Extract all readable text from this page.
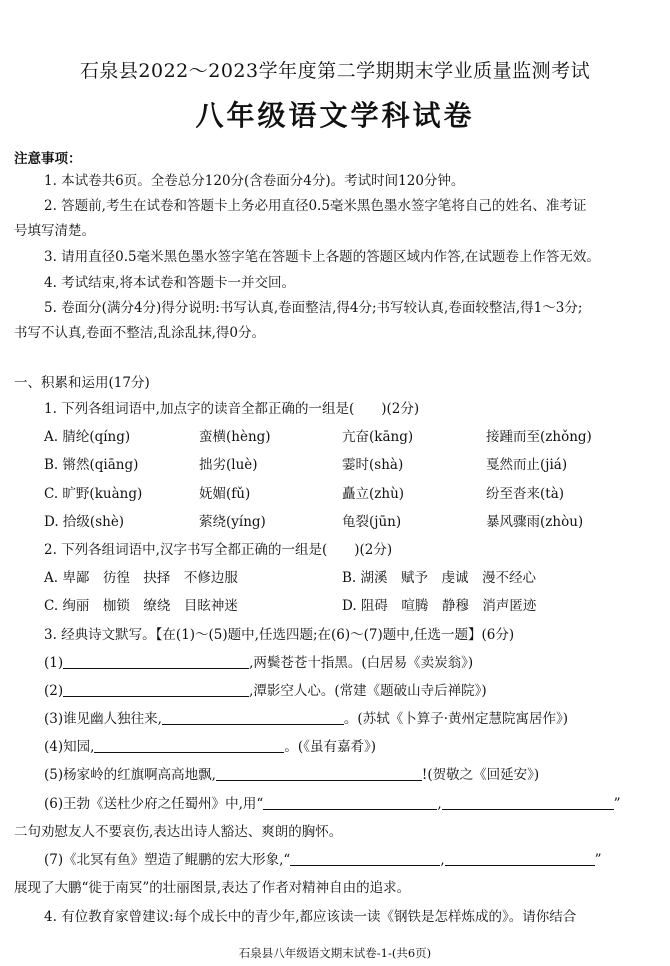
石泉县2022～2023学年度第二学期期末学业质量监测考试
八年级语文学科试卷
注意事项：
1. 本试卷共6页。全卷总分120分(含卷面分4分)。考试时间120分钟。
2. 答题前,考生在试卷和答题卡上务必用直径0.5毫米黑色墨水签字笔将自己的姓名、准考证
号填写清楚。
3. 请用直径0.5毫米黑色墨水签字笔在答题卡上各题的答题区域内作答,在试题卷上作答无效。
4. 考试结束,将本试卷和答题卡一并交回。
5. 卷面分(满分4分)得分说明:书写认真,卷面整洁,得4分;书写较认真,卷面较整洁,得1～3分;
书写不认真,卷面不整洁,乱涂乱抹,得0分。
一、积累和运用(17分)
1. 下列各组词语中,加点字的读音全都正确的一组是(　　)(2分)
A. 腈纶(qíng)	蛮横(hèng)	亢奋(kāng)	接踵而至(zhǒng)
B. 锵然(qiāng)	拙劣(luè)	霎时(shà)	戛然而止(jiá)
C. 旷野(kuàng)	妩媚(fǔ)	矗立(zhù)	纷至沓来(tà)
D. 拾级(shè)	萦绕(yíng)	龟裂(jūn)	暴风骤雨(zhòu)
2. 下列各组词语中,汉字书写全都正确的一组是(　　)(2分)
A. 卑鄙　彷徨　抉择　不修边服	B. 湖溪　赋予　虔诚　漫不经心
C. 绚丽　枷锁　缭绕　目眩神迷	D. 阻碍　喧腾　静穆　消声匿迹
3. 经典诗文默写。【在(1)～(5)题中,任选四题;在(6)～(7)题中,任选一题】(6分)
(1)	,两鬓苍苍十指黑。(白居易《卖炭翁》)
(2)	,潭影空人心。(常建《题破山寺后禅院》)
(3)谁见幽人独往来,	。(苏轼《卜算子·黄州定慧院寓居作》)
(4)知园,	。(《虽有嘉肴》)
(5)杨家岭的红旗啊高高地飘,	!(贺敬之《回延安》)
(6)王勃《送杜少府之任蜀州》中,用“	,	”
二句劝慰友人不要哀伤,表达出诗人豁达、爽朗的胸怀。
(7)《北冥有鱼》塑造了鲲鹏的宏大形象,“	,	”
展现了大鹏“徙于南冥”的壮丽图景,表达了作者对精神自由的追求。
4. 有位教育家曾建议:每个成长中的青少年,都应该读一读《钢铁是怎样炼成的》。请你结合
石泉县八年级语文期末试卷-1-(共6页)
